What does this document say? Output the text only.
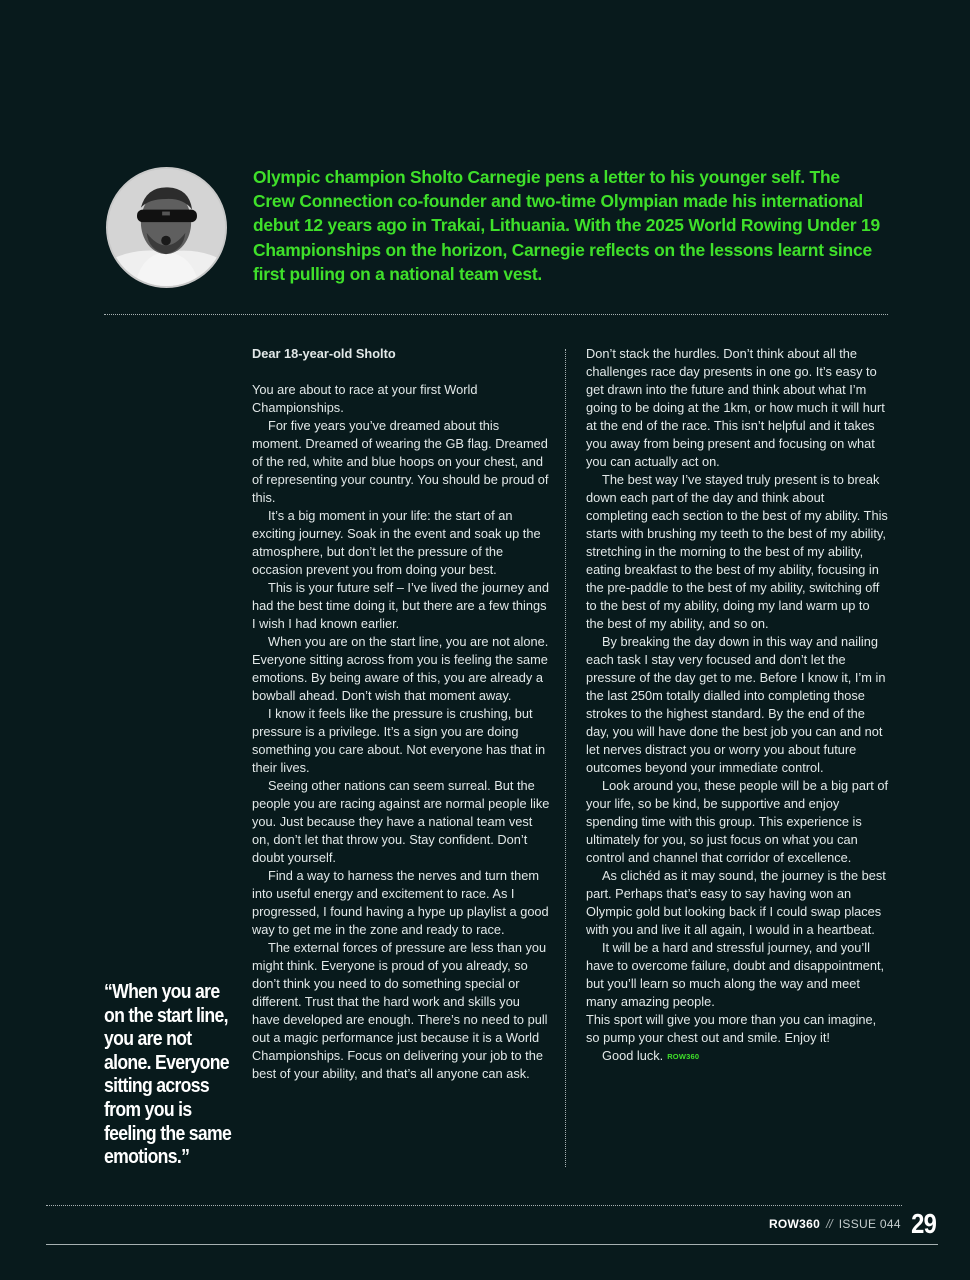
Olympic champion Sholto Carnegie pens a letter to his younger self. The Crew Connection co-founder and two-time Olympian made his international debut 12 years ago in Trakai, Lithuania. With the 2025 World Rowing Under 19 Championships on the horizon, Carnegie reflects on the lessons learnt since first pulling on a national team vest.
Dear 18-year-old Sholto

You are about to race at your first World Championships.

For five years you’ve dreamed about this moment. Dreamed of wearing the GB flag. Dreamed of the red, white and blue hoops on your chest, and of representing your country. You should be proud of this.

It’s a big moment in your life: the start of an exciting journey. Soak in the event and soak up the atmosphere, but don’t let the pressure of the occasion prevent you from doing your best.

This is your future self – I’ve lived the journey and had the best time doing it, but there are a few things I wish I had known earlier.

When you are on the start line, you are not alone. Everyone sitting across from you is feeling the same emotions. By being aware of this, you are already a bowball ahead. Don’t wish that moment away.

I know it feels like the pressure is crushing, but pressure is a privilege. It’s a sign you are doing something you care about. Not everyone has that in their lives.

Seeing other nations can seem surreal. But the people you are racing against are normal people like you. Just because they have a national team vest on, don’t let that throw you. Stay confident. Don’t doubt yourself.

Find a way to harness the nerves and turn them into useful energy and excitement to race. As I progressed, I found having a hype up playlist a good way to get me in the zone and ready to race.

The external forces of pressure are less than you might think. Everyone is proud of you already, so don’t think you need to do something special or different. Trust that the hard work and skills you have developed are enough. There’s no need to pull out a magic performance just because it is a World Championships. Focus on delivering your job to the best of your ability, and that’s all anyone can ask.

Don’t stack the hurdles. Don’t think about all the challenges race day presents in one go. It’s easy to get drawn into the future and think about what I’m going to be doing at the 1km, or how much it will hurt at the end of the race. This isn’t helpful and it takes you away from being present and focusing on what you can actually act on.

The best way I’ve stayed truly present is to break down each part of the day and think about completing each section to the best of my ability. This starts with brushing my teeth to the best of my ability, stretching in the morning to the best of my ability, eating breakfast to the best of my ability, focusing in the pre-paddle to the best of my ability, switching off to the best of my ability, doing my land warm up to the best of my ability, and so on.

By breaking the day down in this way and nailing each task I stay very focused and don’t let the pressure of the day get to me. Before I know it, I’m in the last 250m totally dialled into completing those strokes to the highest standard. By the end of the day, you will have done the best job you can and not let nerves distract you or worry you about future outcomes beyond your immediate control.

Look around you, these people will be a big part of your life, so be kind, be supportive and enjoy spending time with this group. This experience is ultimately for you, so just focus on what you can control and channel that corridor of excellence.

As clichéd as it may sound, the journey is the best part. Perhaps that’s easy to say having won an Olympic gold but looking back if I could swap places with you and live it all again, I would in a heartbeat.

It will be a hard and stressful journey, and you’ll have to overcome failure, doubt and disappointment, but you’ll learn so much along the way and meet many amazing people.

This sport will give you more than you can imagine, so pump your chest out and smile. Enjoy it!

Good luck. ROW360

“When you are on the start line, you are not alone. Everyone sitting across from you is feeling the same emotions.”
ROW360 // ISSUE 044 29
